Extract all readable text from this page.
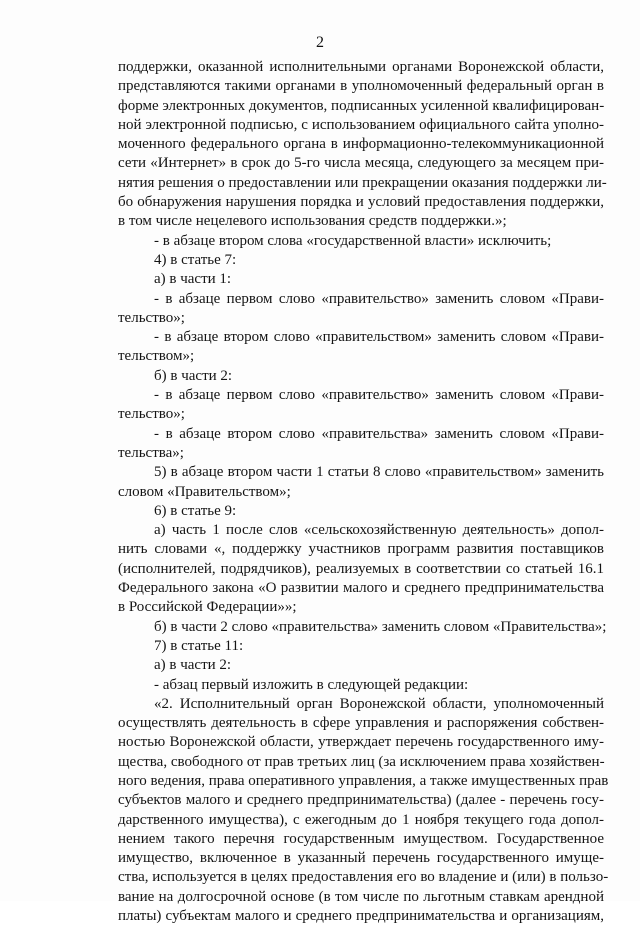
2
поддержки, оказанной исполнительными органами Воронежской области,
представляются такими органами в уполномоченный федеральный орган в
форме электронных документов, подписанных усиленной квалифицирован-
ной электронной подписью, с использованием официального сайта уполно-
моченного федерального органа в информационно-телекоммуникационной
сети «Интернет» в срок до 5-го числа месяца, следующего за месяцем при-
нятия решения о предоставлении или прекращении оказания поддержки ли-
бо обнаружения нарушения порядка и условий предоставления поддержки,
в том числе нецелевого использования средств поддержки.»;
- в абзаце втором слова «государственной власти» исключить;
4) в статье 7:
а) в части 1:
- в абзаце первом слово «правительство» заменить словом «Прави-
тельство»;
- в абзаце втором слово «правительством» заменить словом «Прави-
тельством»;
б) в части 2:
- в абзаце первом слово «правительство» заменить словом «Прави-
тельство»;
- в абзаце втором слово «правительства» заменить словом «Прави-
тельства»;
5) в абзаце втором части 1 статьи 8 слово «правительством» заменить
словом «Правительством»;
6) в статье 9:
а) часть 1 после слов «сельскохозяйственную деятельность» допол-
нить словами «, поддержку участников программ развития поставщиков
(исполнителей, подрядчиков), реализуемых в соответствии со статьей 16.1
Федерального закона «О развитии малого и среднего предпринимательства
в Российской Федерации»»;
б) в части 2 слово «правительства» заменить словом «Правительства»;
7) в статье 11:
а) в части 2:
- абзац первый изложить в следующей редакции:
«2. Исполнительный орган Воронежской области, уполномоченный
осуществлять деятельность в сфере управления и распоряжения собствен-
ностью Воронежской области, утверждает перечень государственного иму-
щества, свободного от прав третьих лиц (за исключением права хозяйствен-
ного ведения, права оперативного управления, а также имущественных прав
субъектов малого и среднего предпринимательства) (далее - перечень госу-
дарственного имущества), с ежегодным до 1 ноября текущего года допол-
нением такого перечня государственным имуществом. Государственное
имущество, включенное в указанный перечень государственного имуще-
ства, используется в целях предоставления его во владение и (или) в пользо-
вание на долгосрочной основе (в том числе по льготным ставкам арендной
платы) субъектам малого и среднего предпринимательства и организациям,
